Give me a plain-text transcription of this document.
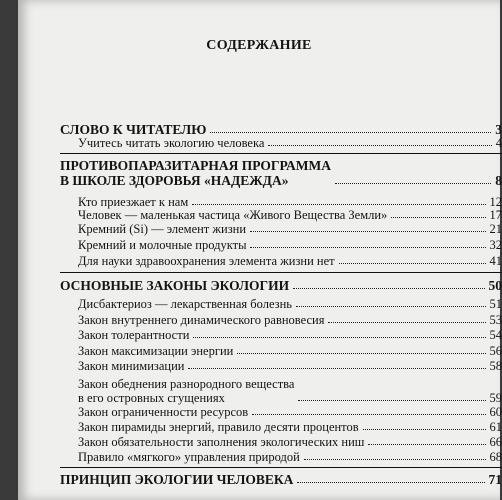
СОДЕРЖАНИЕ
СЛОВО К ЧИТАТЕЛЮ	3
Учитесь читать экологию человека	4
ПРОТИВОПАРАЗИТАРНАЯ ПРОГРАММА
В ШКОЛЕ ЗДОРОВЬЯ «НАДЕЖДА»	8
Кто приезжает к нам	12
Человек — маленькая частица «Живого Вещества Земли»	17
Кремний (Si) — элемент жизни	21
Кремний и молочные продукты	32
Для науки здравоохранения элемента жизни нет	41
ОСНОВНЫЕ ЗАКОНЫ ЭКОЛОГИИ	50
Дисбактериоз — лекарственная болезнь	51
Закон внутреннего динамического равновесия	53
Закон толерантности	54
Закон максимизации энергии	56
Закон минимизации	58
Закон обеднения разнородного вещества
в его островных сгущениях	59
Закон ограниченности ресурсов	60
Закон пирамиды энергий, правило десяти процентов	61
Закон обязательности заполнения экологических ниш	66
Правило «мягкого» управления природой	68
ПРИНЦИП ЭКОЛОГИИ ЧЕЛОВЕКА	71
